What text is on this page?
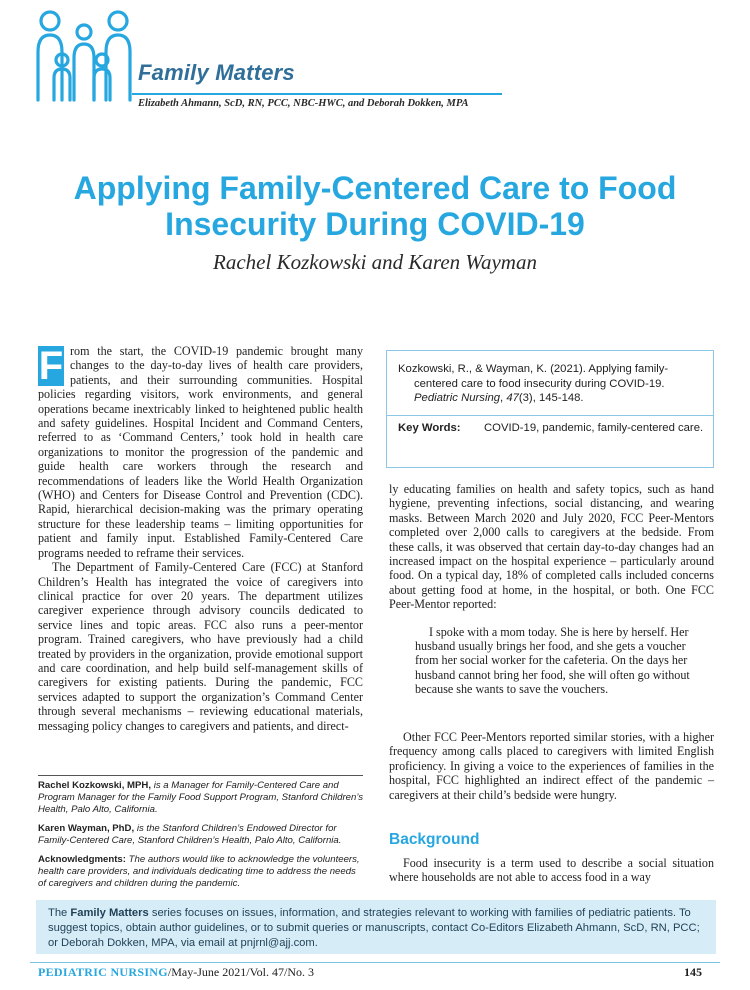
Family Matters
Elizabeth Ahmann, ScD, RN, PCC, NBC-HWC, and Deborah Dokken, MPA
Applying Family-Centered Care to Food Insecurity During COVID-19
Rachel Kozkowski and Karen Wayman
F rom the start, the COVID-19 pandemic brought many changes to the day-to-day lives of health care providers, patients, and their surrounding communities. Hospital policies regarding visitors, work environments, and general operations became inextricably linked to heightened public health and safety guidelines. Hospital Incident and Command Centers, referred to as ‘Command Centers,’ took hold in health care organizations to monitor the progression of the pandemic and guide health care workers through the research and recommendations of leaders like the World Health Organization (WHO) and Centers for Disease Control and Prevention (CDC). Rapid, hierarchical decision-making was the primary operating structure for these leadership teams – limiting opportunities for patient and family input. Established Family-Centered Care programs needed to reframe their services.

The Department of Family-Centered Care (FCC) at Stanford Children’s Health has integrated the voice of caregivers into clinical practice for over 20 years. The department utilizes caregiver experience through advisory councils dedicated to service lines and topic areas. FCC also runs a peer-mentor program. Trained caregivers, who have previously had a child treated by providers in the organization, provide emotional support and care coordination, and help build self-management skills of caregivers for existing patients. During the pandemic, FCC services adapted to support the organization’s Command Center through several mechanisms – reviewing educational materials, messaging policy changes to caregivers and patients, and direct-

Kozkowski, R., & Wayman, K. (2021). Applying family-centered care to food insecurity during COVID-19. Pediatric Nursing, 47(3), 145-148.
Key Words: COVID-19, pandemic, family-centered care.

ly educating families on health and safety topics, such as hand hygiene, preventing infections, social distancing, and wearing masks. Between March 2020 and July 2020, FCC Peer-Mentors completed over 2,000 calls to caregivers at the bedside. From these calls, it was observed that certain day-to-day changes had an increased impact on the hospital experience – particularly around food. On a typical day, 18% of completed calls included concerns about getting food at home, in the hospital, or both. One FCC Peer-Mentor reported:

I spoke with a mom today. She is here by herself. Her husband usually brings her food, and she gets a voucher from her social worker for the cafeteria. On the days her husband cannot bring her food, she will often go without because she wants to save the vouchers.

Other FCC Peer-Mentors reported similar stories, with a higher frequency among calls placed to caregivers with limited English proficiency. In giving a voice to the experiences of families in the hospital, FCC highlighted an indirect effect of the pandemic – caregivers at their child’s bedside were hungry.

Background

Food insecurity is a term used to describe a social situation where households are not able to access food in a way

Rachel Kozkowski, MPH, is a Manager for Family-Centered Care and Program Manager for the Family Food Support Program, Stanford Children’s Health, Palo Alto, California.

Karen Wayman, PhD, is the Stanford Children’s Endowed Director for Family-Centered Care, Stanford Children’s Health, Palo Alto, California.

Acknowledgments: The authors would like to acknowledge the volunteers, health care providers, and individuals dedicating time to address the needs of caregivers and children during the pandemic.

The Family Matters series focuses on issues, information, and strategies relevant to working with families of pediatric patients. To suggest topics, obtain author guidelines, or to submit queries or manuscripts, contact Co-Editors Elizabeth Ahmann, ScD, RN, PCC; or Deborah Dokken, MPA, via email at pnjrnl@ajj.com.
PEDIATRIC NURSING/May-June 2021/Vol. 47/No. 3	145
